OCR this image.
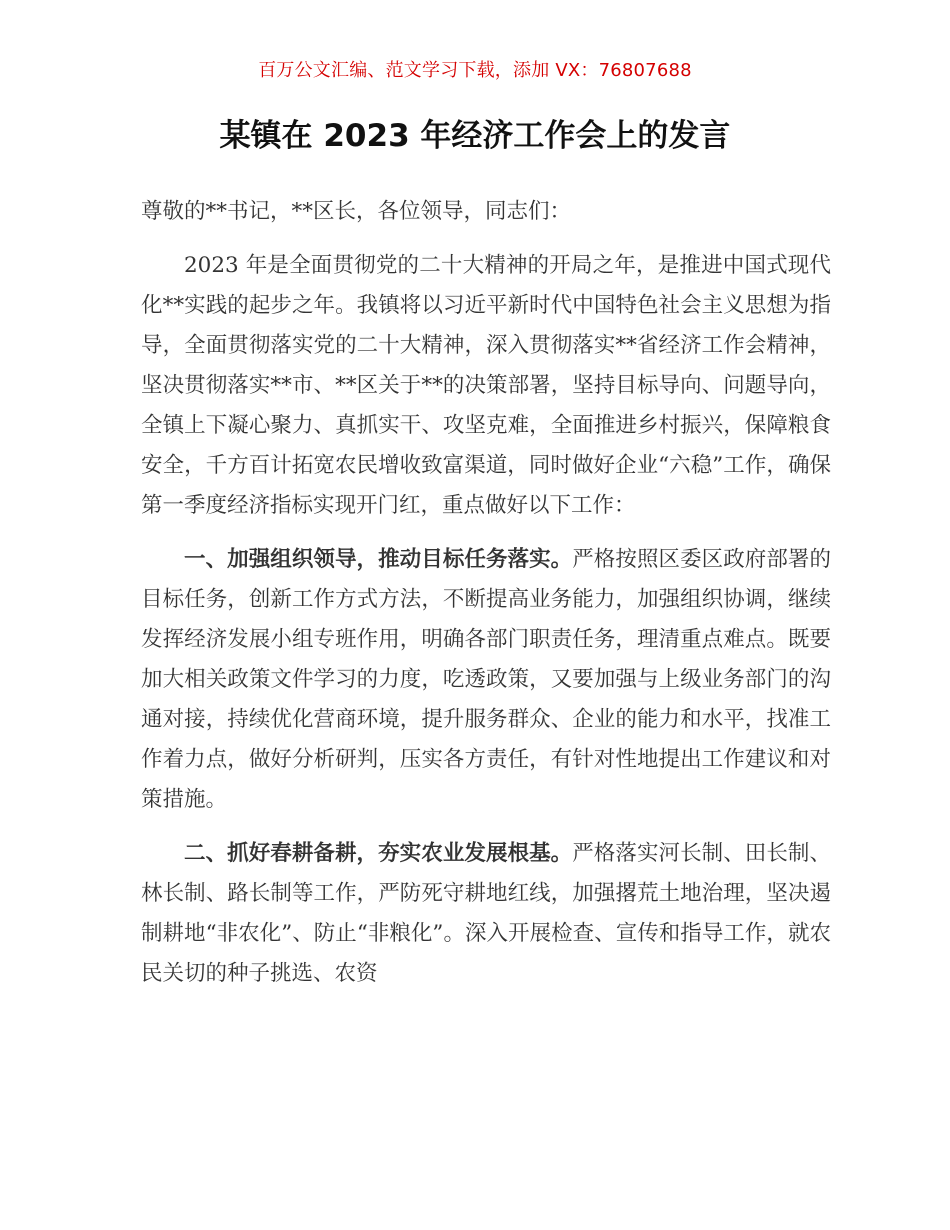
百万公文汇编、范文学习下载，添加 VX：76807688
某镇在 2023 年经济工作会上的发言

尊敬的**书记，**区长，各位领导，同志们：

2023 年是全面贯彻党的二十大精神的开局之年，是推进中国式现代化**实践的起步之年。我镇将以习近平新时代中国特色社会主义思想为指导，全面贯彻落实党的二十大精神，深入贯彻落实**省经济工作会精神，坚决贯彻落实**市、**区关于**的决策部署，坚持目标导向、问题导向，全镇上下凝心聚力、真抓实干、攻坚克难，全面推进乡村振兴，保障粮食安全，千方百计拓宽农民增收致富渠道，同时做好企业“六稳”工作，确保第一季度经济指标实现开门红，重点做好以下工作：

一、加强组织领导，推动目标任务落实。严格按照区委区政府部署的目标任务，创新工作方式方法，不断提高业务能力，加强组织协调，继续发挥经济发展小组专班作用，明确各部门职责任务，理清重点难点。既要加大相关政策文件学习的力度，吃透政策，又要加强与上级业务部门的沟通对接，持续优化营商环境，提升服务群众、企业的能力和水平，找准工作着力点，做好分析研判，压实各方责任，有针对性地提出工作建议和对策措施。

二、抓好春耕备耕，夯实农业发展根基。严格落实河长制、田长制、林长制、路长制等工作，严防死守耕地红线，加强撂荒土地治理，坚决遏制耕地“非农化”、防止“非粮化”。深入开展检查、宣传和指导工作，就农民关切的种子挑选、农资
